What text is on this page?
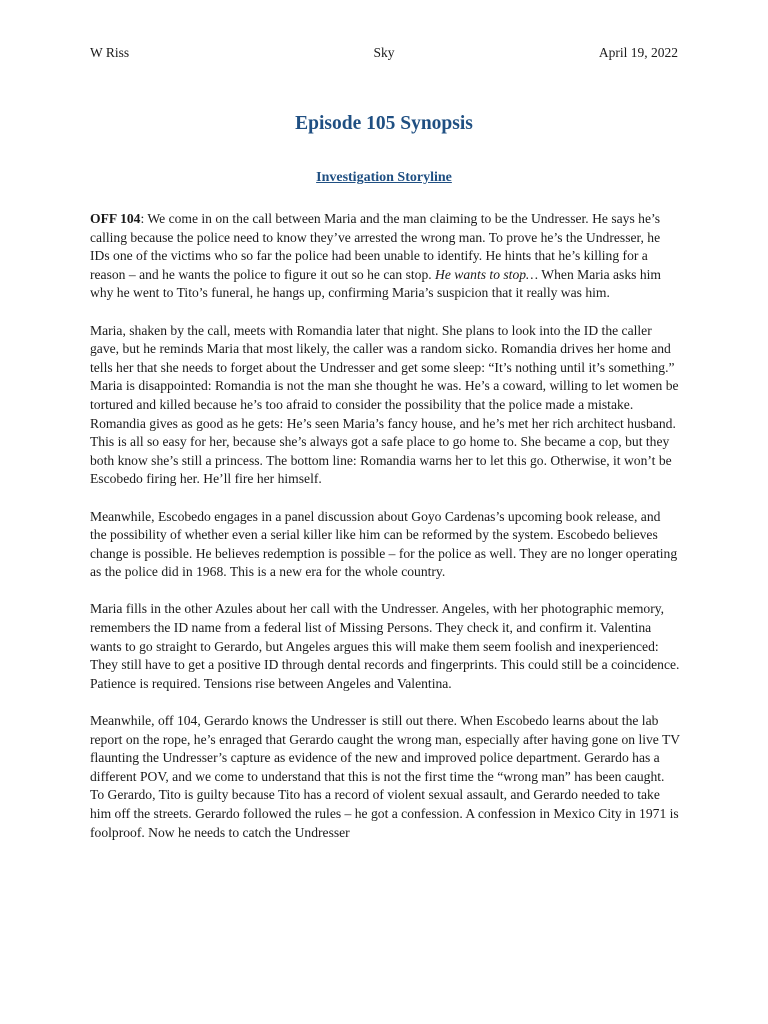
W Riss	Sky	April 19, 2022
Episode 105 Synopsis
Investigation Storyline

OFF 104: We come in on the call between Maria and the man claiming to be the Undresser. He says he’s calling because the police need to know they’ve arrested the wrong man. To prove he’s the Undresser, he IDs one of the victims who so far the police had been unable to identify. He hints that he’s killing for a reason – and he wants the police to figure it out so he can stop. He wants to stop… When Maria asks him why he went to Tito’s funeral, he hangs up, confirming Maria’s suspicion that it really was him.

Maria, shaken by the call, meets with Romandia later that night. She plans to look into the ID the caller gave, but he reminds Maria that most likely, the caller was a random sicko. Romandia drives her home and tells her that she needs to forget about the Undresser and get some sleep: “It’s nothing until it’s something.” Maria is disappointed: Romandia is not the man she thought he was. He’s a coward, willing to let women be tortured and killed because he’s too afraid to consider the possibility that the police made a mistake. Romandia gives as good as he gets: He’s seen Maria’s fancy house, and he’s met her rich architect husband. This is all so easy for her, because she’s always got a safe place to go home to. She became a cop, but they both know she’s still a princess. The bottom line: Romandia warns her to let this go. Otherwise, it won’t be Escobedo firing her. He’ll fire her himself.

Meanwhile, Escobedo engages in a panel discussion about Goyo Cardenas’s upcoming book release, and the possibility of whether even a serial killer like him can be reformed by the system. Escobedo believes change is possible. He believes redemption is possible – for the police as well. They are no longer operating as the police did in 1968. This is a new era for the whole country.

Maria fills in the other Azules about her call with the Undresser. Angeles, with her photographic memory, remembers the ID name from a federal list of Missing Persons. They check it, and confirm it. Valentina wants to go straight to Gerardo, but Angeles argues this will make them seem foolish and inexperienced: They still have to get a positive ID through dental records and fingerprints. This could still be a coincidence. Patience is required. Tensions rise between Angeles and Valentina.

Meanwhile, off 104, Gerardo knows the Undresser is still out there. When Escobedo learns about the lab report on the rope, he’s enraged that Gerardo caught the wrong man, especially after having gone on live TV flaunting the Undresser’s capture as evidence of the new and improved police department. Gerardo has a different POV, and we come to understand that this is not the first time the “wrong man” has been caught. To Gerardo, Tito is guilty because Tito has a record of violent sexual assault, and Gerardo needed to take him off the streets. Gerardo followed the rules – he got a confession. A confession in Mexico City in 1971 is foolproof. Now he needs to catch the Undresser
